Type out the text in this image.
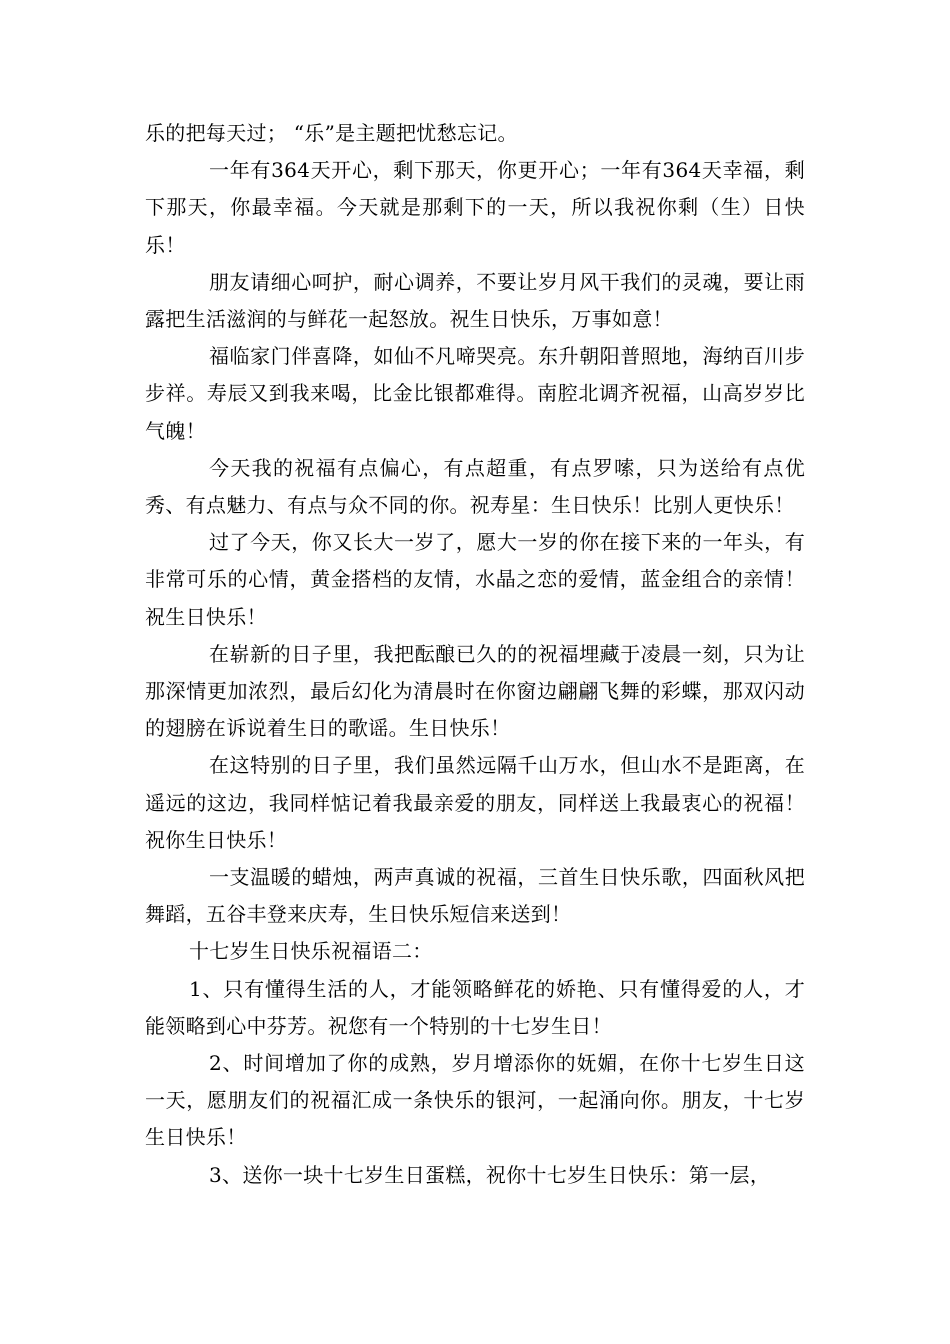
乐的把每天过； “乐”是主题把忧愁忘记。

一年有364天开心，剩下那天，你更开心；一年有364天幸福，剩下那天，你最幸福。今天就是那剩下的一天，所以我祝你剩（生）日快乐！

朋友请细心呵护，耐心调养，不要让岁月风干我们的灵魂，要让雨露把生活滋润的与鲜花一起怒放。祝生日快乐，万事如意！

福临家门伴喜降，如仙不凡啼哭亮。东升朝阳普照地，海纳百川步步祥。寿辰又到我来喝，比金比银都难得。南腔北调齐祝福，山高岁岁比气魄！

今天我的祝福有点偏心，有点超重，有点罗嗦，只为送给有点优秀、有点魅力、有点与众不同的你。祝寿星：生日快乐！比别人更快乐！

过了今天，你又长大一岁了，愿大一岁的你在接下来的一年头，有非常可乐的心情，黄金搭档的友情，水晶之恋的爱情，蓝金组合的亲情！祝生日快乐！

在崭新的日子里，我把酝酿已久的的祝福埋藏于凌晨一刻，只为让那深情更加浓烈，最后幻化为清晨时在你窗边翩翩飞舞的彩蝶，那双闪动的翅膀在诉说着生日的歌谣。生日快乐！

在这特别的日子里，我们虽然远隔千山万水，但山水不是距离，在遥远的这边，我同样惦记着我最亲爱的朋友，同样送上我最衷心的祝福！祝你生日快乐！

一支温暖的蜡烛，两声真诚的祝福，三首生日快乐歌，四面秋风把舞蹈，五谷丰登来庆寿，生日快乐短信来送到！

十七岁生日快乐祝福语二：

1、只有懂得生活的人，才能领略鲜花的娇艳、只有懂得爱的人，才能领略到心中芬芳。祝您有一个特别的十七岁生日！

2、时间增加了你的成熟，岁月增添你的妩媚，在你十七岁生日这一天，愿朋友们的祝福汇成一条快乐的银河，一起涌向你。朋友，十七岁生日快乐！

3、送你一块十七岁生日蛋糕，祝你十七岁生日快乐：第一层，
